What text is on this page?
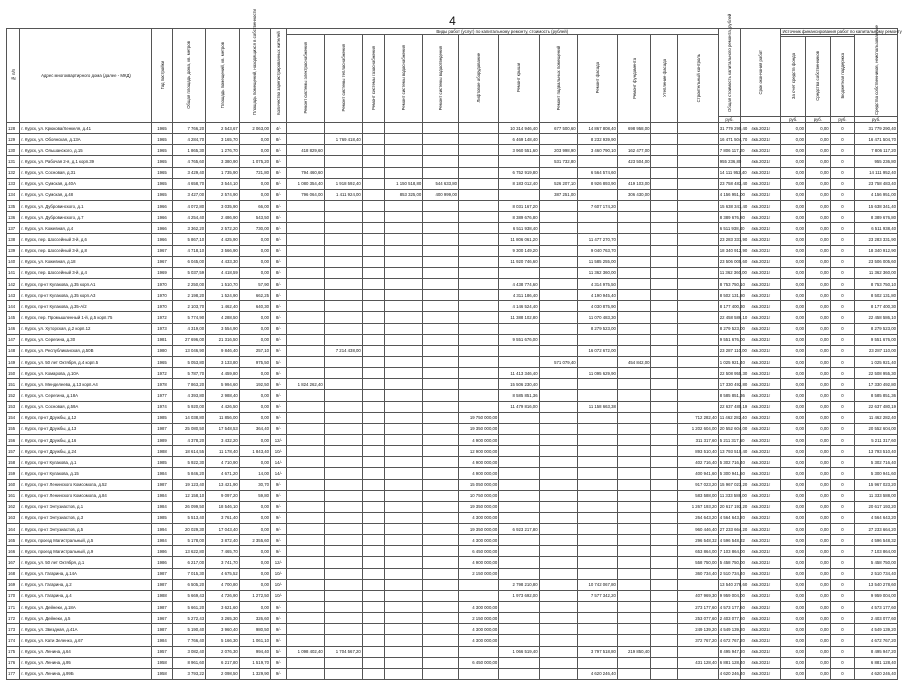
4
№ п/п	Адрес многоквартирного дома (далее - МКД)	Год постройки	Общая площадь дома, кв. метров	Площадь помещений, кв. метров	Площадь помещений, находящихся в собственности	Количество зарегистрированных жителей	Виды работ (услуг) по капитальному ремонту, стоимость (рублей)												Общая стоимость капитального ремонта, рублей	Срок окончания работ	Источник финансирования работ по капитальному ремонту			
							Ремонт системы электроснабжения	Ремонт системы теплоснабжения	Ремонт системы газоснабжения	Ремонт системы водоснабжения	Ремонт системы водоотведения	Лифтовое оборудование	Ремонт крыши	Ремонт подвальных помещений	Ремонт фасада	Ремонт фундамента	Утепление фасада	Строительный контроль						Средства собственников, неиспользованные
																					За счет средств фонда	Средства собственников	Бюджетная поддержка	
																			руб.		руб.	руб.	руб.	руб.
128	г. Курск, ул. Крюкова/Хенкеля, д.41	1965	7 766,20	2 543,67	2 063,00	4/-							10 314 946,40	677 500,60	14 867 808,40	698 958,00			31 779 290,40	4кв.2021г	0,00	0,00	0	31 779 290,40
129	г. Курск, ул. Обоянская, д.13А	1965	4 284,70	3 165,70	0,00	8/-		1 769 418,40					6 469 148,40		8 232 939,90				16 471 504,70	4кв.2021г	0,00	0,00	0	16 471 504,70
130	г. Курск, ул. Ольшанского, д.15	1965	1 865,30	1 276,70	0,00	8/-	418 829,60						3 960 551,60	203 998,90	3 460 790,10	162 477,00			7 806 117,20	4кв.2021г	0,00	0,00	0	7 806 117,20
131	г. Курск, ул. Рабочая 2-я, д.1 корп.39	1965	4 765,60	3 380,90	1 075,20	8/-								531 732,80		423 504,00			955 236,80	4кв.2021г	0,00	0,00	0	955 236,80
132	г. Курск, ул. Сосновая, д.31	1965	3 429,40	1 735,90	721,80	8/-	794 460,60						6 752 919,80		6 564 574,60				14 111 952,40	4кв.2021г	0,00	0,00	0	14 111 952,40
133	г. Курск, ул. Сумская, д.40А	1965	4 658,70	3 544,10	0,00	8/-	1 080 354,40	1 918 592,40		1 150 518,80	544 633,80		8 183 012,40	526 207,10	8 926 893,90	419 103,00			23 758 483,40	4кв.2021г	0,00	0,00	0	23 758 483,40
134	г. Курск, ул. Сумская, д.48	1965	3 427,00	2 574,90	0,00	8/-	796 064,00	1 411 924,00		853 325,00	400 999,00			387 251,00		306 430,00			4 156 951,00	4кв.2021г	0,00	0,00	0	4 156 951,00
135	г. Курск, ул. Дубровинского, д.1	1966	4 072,80	3 035,90	66,00	8/-							8 031 167,20		7 607 174,20				15 638 341,40	4кв.2021г	0,00	0,00	0	15 638 341,40
136	г. Курск, ул. Дубровинского, д.7	1966	4 254,40	2 486,90	543,50	8/-							8 389 676,80						8 389 676,80	4кв.2021г	0,00	0,00	0	8 389 676,80
137	г. Курск, ул. Кожевная, д.4	1966	3 362,20	2 572,20	730,00	8/-							6 511 938,40						6 511 938,40	4кв.2021г	0,00	0,00	0	6 511 938,40
138	г. Курск, пер. Шоссейный 3-й, д.6	1966	5 867,10	4 425,90	0,00	8/-							11 806 061,20		11 477 270,70				23 283 331,90	4кв.2021г	0,00	0,00	0	23 283 331,90
139	г. Курск, пер. Шоссейный 3-й, д.8	1967	4 718,10	3 566,90	0,00	8/-							9 300 149,20		9 040 763,70				18 340 912,90	4кв.2021г	0,00	0,00	0	18 340 912,90
140	г. Курск, ул. Кожевная, д.18	1967	6 045,00	4 433,30	0,00	8/-							11 920 746,60		11 585 255,00				23 506 005,60	4кв.2021г	0,00	0,00	0	23 506 005,60
141	г. Курск, пер. Шоссейный 3-й, д.4	1969	5 037,59	4 418,59	0,00	8/-									11 362 360,00				11 362 360,00	4кв.2021г	0,00	0,00	0	11 362 360,00
142	г. Курск, пр-кт Кулакова, д.35 корп.А1	1970	2 250,00	1 510,70	57,90	8/-							4 438 774,60		4 314 975,50				8 753 750,10	4кв.2021г	0,00	0,00	0	8 753 750,10
143	г. Курск, пр-кт Кулакова, д.35 корп.А3	1970	2 198,20	1 524,90	662,25	8/-							4 311 186,40		4 190 945,40				8 502 131,80	4кв.2021г	0,00	0,00	0	8 502 131,80
144	г. Курск, пр-кт Кулакова, д.35-А/2	1970	2 103,70	1 462,40	640,30	8/-							4 146 524,40		4 030 875,90				8 177 400,30	4кв.2021г	0,00	0,00	0	8 177 400,30
145	г. Курск, пер. Промышленный 1-й, д.5 корп.75	1972	5 774,90	4 288,50	0,00	8/-							11 388 102,80		11 070 483,30				22 458 586,10	4кв.2021г	0,00	0,00	0	22 458 586,10
146	г. Курск, ул. Хуторская, д.2 корп.12	1973	4 319,00	3 554,90	0,00	8/-									8 279 523,00				8 279 523,00	4кв.2021г	0,00	0,00	0	8 279 523,00
147	г. Курск, ул. Серегина, д.30	1981	27 696,00	21 316,50	0,00	8/-							9 551 676,00						9 551 676,00	4кв.2021г	0,00	0,00	0	9 551 676,00
148	г. Курск, ул. Республиканская, д.50В	1980	13 046,90	9 846,40	257,10	9/-		7 214 438,00							16 072 672,00				23 287 110,00	4кв.2021г	0,00	0,00	0	23 287 110,00
149	г. Курск, ул. 50 лет Октября, д.4 корп.5	1965	5 053,80	3 133,80	975,50	5/-								571 079,40		454 842,00			1 025 921,40	4кв.2021г	0,00	0,00	0	1 025 921,40
150	г. Курск, ул. Комарова, д.10А	1972	5 787,70	4 459,80	0,00	9/-							11 413 346,40		11 095 629,90				22 508 955,30	4кв.2021г	0,00	0,00	0	22 508 955,30
151	г. Курск, ул. Менделеева, д.13 корп.А4	1978	7 863,20	5 994,60	192,50	9/-	1 824 262,40						15 506 230,40						17 330 492,80	4кв.2021г	0,00	0,00	0	17 330 492,80
152	г. Курск, ул. Серегина, д.18А	1977	4 393,80	2 988,40	0,00	9/-							8 585 851,36						8 585 851,36	4кв.2021г	0,00	0,00	0	8 585 851,36
153	г. Курск, ул. Сосновая, д.59А	1974	5 920,00	4 426,50	0,00	9/-							11 479 816,00		11 158 663,38				22 637 480,19	4кв.2021г	0,00	0,00	0	22 637 480,19
154	г. Курск, пр-кт Дружбы, д.12	1985	14 038,80	11 856,00	0,00	9/-						19 750 000,00						712 282,40	11 462 282,40	4кв.2021г	0,00	0,00	0	11 462 282,40
155	г. Курск, пр-кт Дружбы, д.13	1987	25 080,50	17 548,53	364,40	9/-						19 350 000,00						1 202 604,00	20 552 604,00	4кв.2021г	0,00	0,00	0	20 552 604,00
156	г. Курск, пр-кт Дружбы, д.16	1989	4 378,20	3 432,20	0,00	12/-						4 900 000,00						311 317,60	5 211 317,60	4кв.2021г	0,00	0,00	0	5 211 317,60
157	г. Курск, пр-кт Дружбы, д.24	1988	18 614,55	11 178,40	1 843,40	10/-						12 900 000,00						893 510,40	13 793 510,40	4кв.2021г	0,00	0,00	0	13 793 510,40
158	г. Курск, пр-кт Кулакова, д.1	1985	5 922,30	4 710,90	0,00	14/-						4 900 000,00						402 716,40	5 302 716,40	4кв.2021г	0,00	0,00	0	5 302 716,40
159	г. Курск, пр-кт Кулакова, д.15	1984	5 846,20	4 671,20	14,00	14/-						4 900 000,00						400 941,60	5 300 941,60	4кв.2021г	0,00	0,00	0	5 300 941,60
160	г. Курск, пр-кт Ленинского Комсомола, д.52	1987	19 123,40	13 421,90	30,70	9/-						15 050 000,00						917 023,20	15 967 023,20	4кв.2021г	0,00	0,00	0	15 967 023,20
161	г. Курск, пр-кт Ленинского Комсомола, д.84	1984	12 158,10	9 097,20	59,80	9/-						10 750 000,00						583 588,00	11 333 588,00	4кв.2021г	0,00	0,00	0	11 333 588,00
162	г. Курск, пр-кт Энтузиастов, д.1	1984	26 099,50	18 546,10	0,00	9/-						19 350 000,00						1 267 193,20	20 617 193,20	4кв.2021г	0,00	0,00	0	20 617 193,20
163	г. Курск, пр-кт Энтузиастов, д.3	1985	5 513,40	3 761,40	0,00	9/-						4 300 000,00						264 643,20	4 564 643,20	4кв.2021г	0,00	0,00	0	4 564 643,20
164	г. Курск, пр-кт Энтузиастов, д.5	1994	20 029,30	17 043,40	0,00	9/-						19 350 000,00	6 923 217,80					960 446,40	27 233 664,20	4кв.2021г	0,00	0,00	0	27 233 664,20
165	г. Курск, проезд Магистральный, д.5	1984	5 178,00	3 872,40	2 355,60	9/-						4 300 000,00						296 548,32	4 596 548,32	4кв.2021г	0,00	0,00	0	4 596 548,32
166	г. Курск, проезд Магистральный, д.9	1986	13 622,80	7 465,70	0,00	9/-						6 450 000,00						653 864,00	7 103 864,00	4кв.2021г	0,00	0,00	0	7 103 864,00
167	г. Курск, ул. 50 лет Октября, д.1	1986	6 217,00	3 741,70	0,00	12/-						4 900 000,00						558 750,00	5 458 750,00	4кв.2021г	0,00	0,00	0	5 458 750,00
168	г. Курск, ул. Гагарина, д.14А	1987	7 015,30	4 675,52	0,00	10/-						2 150 000,00						360 734,40	2 510 734,40	4кв.2021г	0,00	0,00	0	2 510 734,40
169	г. Курск, ул. Гагарина, д.2	1987	6 505,20	4 700,80	0,00	10/-							2 798 210,80		10 742 067,80				13 540 278,60	4кв.2021г	0,00	0,00	0	13 540 278,60
170	г. Курск, ул. Гагарина, д.4	1988	5 669,43	4 726,90	1 272,50	10/-							1 973 692,00		7 577 342,20			407 969,30	9 959 004,00	4кв.2021г	0,00	0,00	0	9 959 004,00
171	г. Курск, ул. Дейнеки, д.18А	1987	5 661,20	3 621,60	0,00	9/-						4 300 000,00						273 177,60	4 573 177,60	4кв.2021г	0,00	0,00	0	4 573 177,60
172	г. Курск, ул. Дейнеки, д.5	1967	5 272,43	3 265,30	326,60	9/-						2 150 000,00						253 077,60	2 403 077,60	4кв.2021г	0,00	0,00	0	2 403 077,60
173	г. Курск, ул. Звездная, д.41А	1987	5 190,40	3 960,40	980,50	9/-						4 300 000,00						249 139,20	4 549 139,20	4кв.2021г	0,00	0,00	0	4 549 139,20
174	г. Курск, ул. Кати Зеленко, д.67	1984	7 766,40	5 166,30	1 061,10	9/-						4 300 000,00						372 767,20	4 672 767,20	4кв.2021г	0,00	0,00	0	4 672 767,20
175	г. Курск, ул. Ленина, д.64	1957	3 082,40	2 076,30	994,40	5/-	1 098 402,40	1 704 567,20					1 066 519,40		3 797 518,80	219 850,40			8 495 947,20	4кв.2021г	0,00	0,00	0	8 495 947,20
176	г. Курск, ул. Ленина, д.95	1958	8 961,60	6 217,80	1 519,70	9/-						6 450 000,00						431 128,40	6 881 128,40	4кв.2021г	0,00	0,00	0	6 881 128,40
177	г. Курск, ул. Ленина, д.99Б	1958	3 793,22	2 098,50	1 329,90	9/-									4 620 246,40				4 620 246,40	4кв.2021г	0,00	0,00	0	4 620 246,40
